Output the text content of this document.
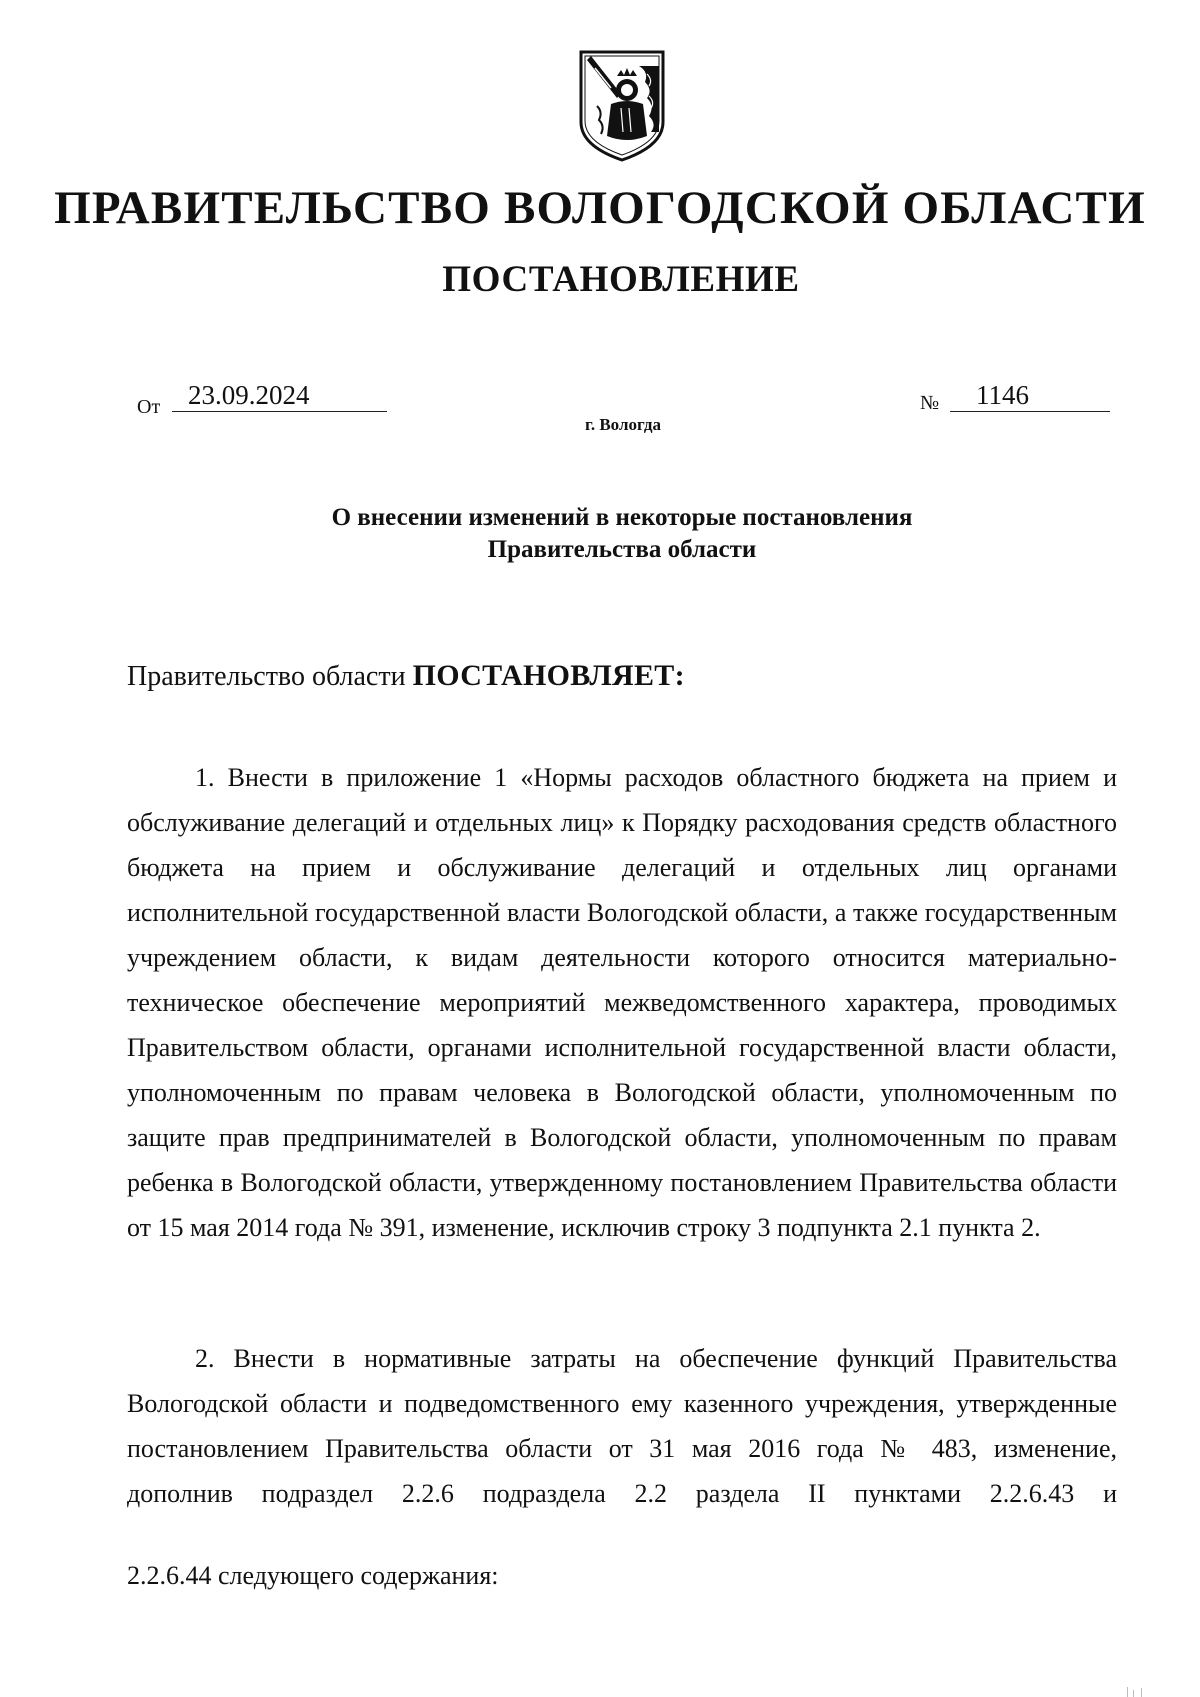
ПРАВИТЕЛЬСТВО ВОЛОГОДСКОЙ ОБЛАСТИ
ПОСТАНОВЛЕНИЕ
От 23.09.2024	№ 1146
г. Вологда
О внесении изменений в некоторые постановления
Правительства области
Правительство области ПОСТАНОВЛЯЕТ:
1. Внести в приложение 1 «Нормы расходов областного бюджета на прием и обслуживание делегаций и отдельных лиц» к Порядку расходования средств областного бюджета на прием и обслуживание делегаций и отдельных лиц органами исполнительной государственной власти Вологодской области, а также государственным учреждением области, к видам деятельности которого относится материально-техническое обеспечение мероприятий межведомственного характера, проводимых Правительством области, органами исполнительной государственной власти области, уполномоченным по правам человека в Вологодской области, уполномоченным по защите прав предпринимателей в Вологодской области, уполномоченным по правам ребенка в Вологодской области, утвержденному постановлением Правительства области от 15 мая 2014 года № 391, изменение, исключив строку 3 подпункта 2.1 пункта 2.
2. Внести в нормативные затраты на обеспечение функций Правительства Вологодской области и подведомственного ему казенного учреждения, утвержденные постановлением Правительства области от 31 мая 2016 года № 483, изменение, дополнив подраздел 2.2.6 подраздела 2.2 раздела II пунктами 2.2.6.43 и
2.2.6.44 следующего содержания:
